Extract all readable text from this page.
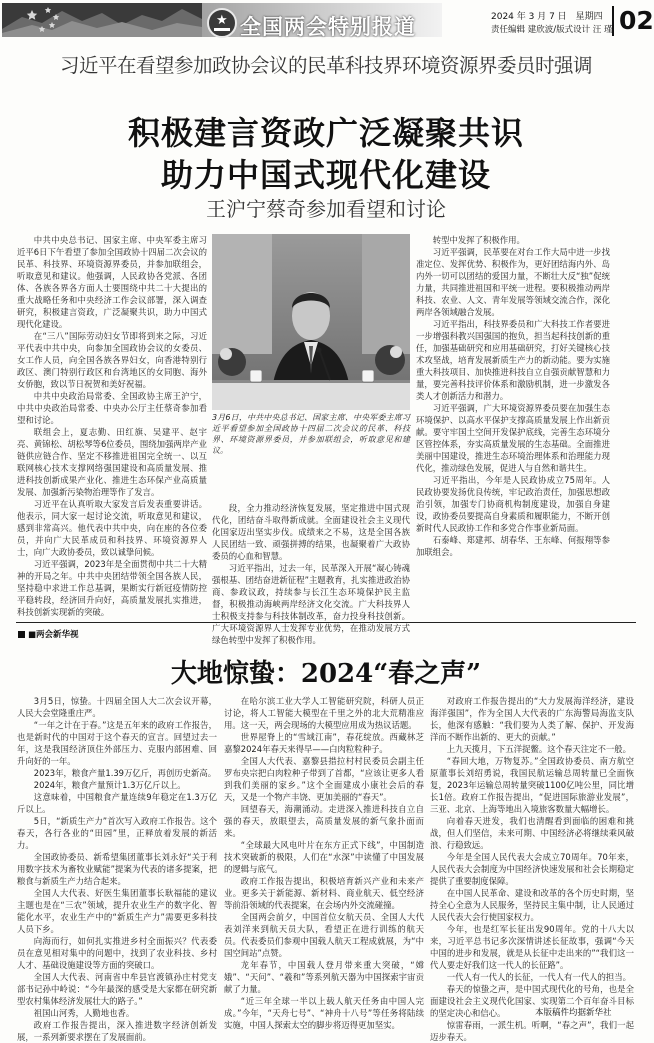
★ 全国两会特别报道	2024 年 3 月 7 日　星期四
责任编辑 建欣波/版式设计 汪 瑾 02
习近平在看望参加政协会议的民革科技界环境资源界委员时强调
积极建言资政广泛凝聚共识
助力中国式现代化建设
王沪宁蔡奇参加看望和讨论

中共中央总书记、国家主席、中央军委主席习近平6日下午看望了参加全国政协十四届二次会议的民革、科技界、环境资源界委员，并参加联组会，听取意见和建议。他强调，人民政协各党派、各团体、各族各界各方面人士要围绕中共二十大提出的重大战略任务和中央经济工作会议部署，深入调查研究，积极建言资政，广泛凝聚共识，助力中国式现代化建设。

在“三八”国际劳动妇女节即将到来之际，习近平代表中共中央，向参加全国政协会议的女委员、女工作人员，向全国各族各界妇女，向香港特别行政区、澳门特别行政区和台湾地区的女同胞、海外女侨胞，致以节日祝贺和美好祝福。

中共中央政治局常委、全国政协主席王沪宁，中共中央政治局常委、中央办公厅主任蔡奇参加看望和讨论。

联组会上，夏志勤、田红旗、吴建平、赵宇亮、黄锦松、胡松琴等6位委员，围绕加强两岸产业链供应链合作、坚定不移推进祖国完全统一、以互联网核心技术支撑网络强国建设和高质量发展、推进科技创新成果产业化、推进生态环保产业高质量发展、加强新污染物治理等作了发言。

习近平在认真听取大家发言后发表重要讲话。他表示，同大家一起讨论交流，听取意见和建议，感到非常高兴。他代表中共中央，向在座的各位委员，并向广大民革成员和科技界、环境资源界人士，向广大政协委员，致以诚挚问候。

习近平强调，2023年是全面贯彻中共二十大精神的开局之年。中共中央团结带领全国各族人民，坚持稳中求进工作总基调，果断实行新冠疫情防控平稳转段，经济回升向好，高质量发展扎实推进，科技创新实现新的突破。

3月6日，中共中央总书记、国家主席、中央军委主席习近平看望参加全国政协十四届二次会议的民革、科技界、环境资源界委员，并参加联组会，听取意见和建议。

段，全力推动经济恢复发展，坚定推进中国式现代化，团结奋斗取得新成就。全面建设社会主义现代化国家迈出坚实步伐。成绩来之不易，这是全国各族人民团结一致、顽强拼搏的结果，也凝聚着广大政协委员的心血和智慧。

习近平指出，过去一年，民革深入开展“凝心铸魂强根基、团结奋进新征程”主题教育，扎实推进政治协商、参政议政，持续参与长江生态环境保护民主监督，积极推动海峡两岸经济文化交流。广大科技界人士积极支持参与科技体制改革，奋力投身科技创新。广大环境资源界人士发挥专业优势，在推动发展方式绿色转型中发挥了积极作用。

转型中发挥了积极作用。

习近平强调，民革要在对台工作大局中进一步找准定位、发挥优势、积极作为，更好团结海内外、岛内外一切可以团结的爱国力量，不断壮大反“独”促统力量，共同推进祖国和平统一进程。要积极推动两岸科技、农业、人文、青年发展等领域交流合作，深化两岸各领域融合发展。

习近平指出，科技界委员和广大科技工作者要进一步增强科教兴国强国的抱负，担当起科技创新的重任，加强基础研究和应用基础研究，打好关键核心技术攻坚战，培育发展新质生产力的新动能。要为实施重大科技项目、加快推进科技自立自强贡献智慧和力量，要完善科技评价体系和激励机制，进一步激发各类人才创新活力和潜力。

习近平强调，广大环境资源界委员要在加强生态环境保护、以高水平保护支撑高质量发展上作出新贡献。要守牢国土空间开发保护底线，完善生态环境分区管控体系，夯实高质量发展的生态基础。全面推进美丽中国建设，推进生态环境治理体系和治理能力现代化，推动绿色发展，促进人与自然和谐共生。

习近平指出，今年是人民政协成立75周年。人民政协要发扬优良传统，牢记政治责任，加强思想政治引领，加强专门协商机构制度建设，加强自身建设，政协委员要提高自身素质和履职能力，不断开创新时代人民政协工作和多党合作事业新局面。

石泰峰、郑建邦、胡春华、王东峰、何报翔等参加联组会。

■两会新华视
大地惊蛰：2024“春之声”

3月5日，惊蛰。十四届全国人大二次会议开幕，人民大会堂隆重庄严。

“一年之计在于春。”这是五年来的政府工作报告，也是新时代的中国对于这个春天的宣言。回望过去一年，这是我国经济顶住外部压力、克服内部困难、回升向好的一年。

2023年，粮食产量1.39万亿斤，再创历史新高。

2024年，粮食产量预计1.3万亿斤以上。

这意味着，中国粮食产量连续9年稳定在1.3万亿斤以上。

5日，“新质生产力”首次写入政府工作报告。这个春天，各行各业的“田园”里，正释放着发展的新活力。

全国政协委员、新希望集团董事长刘永好“关于利用数字技术为畜牧业赋能”提案为代表的诸多提案，把粮食与新质生产力结合起来。

全国人大代表、好医生集团董事长耿福能的建议主题也是在“三农”领域，提升农业生产的数字化、智能化水平，农业生产中的“新质生产力”需要更多科技人员下乡。

向海而行，如何扎实推进乡村全面振兴？代表委员在意见相对集中的问题中，找到了农业科技、乡村人才、基础设施建设等方面的突破口。

全国人大代表、河南省中牟县官渡镇孙庄村党支部书记孙中岭说：“今年最深的感受是大家都在研究新型农村集体经济发展壮大的路子。”

祖国山河秀，人勤地也香。

政府工作报告提出，深入推进数字经济创新发展，一系列新要求摆在了发展面前。

在哈尔滨工业大学人工智能研究院，科研人员正讨论，将人工智能大模型在千里之外的北大荒精准应用。这一天，两会现场的大模型应用成为热议话题。

世界屋脊上的“雪域江南”，春花绽放。西藏林芝嘉黎2024年春天来得早——白肉粒粒种子。

全国人大代表、嘉黎县措拉村村民委员会副主任罗布央宗把白肉粒种子带到了首都，“应该让更多人看到我们美丽的家乡。”这个全面建成小康社会后的春天，又是一个物产丰饶、更加美丽的“春天”。

回望春天，海潮涌动。走进深入推进科技自立自强的春天，放眼望去，高质量发展的新气象扑面而来。

“全球最大风电叶片在东方正式下线”，中国制造技术突破新的极限，人们在“水深”中读懂了中国发展的逻辑与底气。

政府工作报告提出，积极培育新兴产业和未来产业。更多关于新能源、新材料、商业航天、低空经济等前沿领域的代表提案，在会场内外交流碰撞。

全国两会前夕，中国首位女航天员、全国人大代表刘洋来到航天员大队，看望正在进行训练的航天员。代表委员们参观中国载人航天工程成就展，为“中国空间站”点赞。

龙年春节，中国载人登月带来重大突破，“嫦娥”、“天问”、“羲和”等系列航天器为中国探索宇宙贡献了力量。

“近三年全球一半以上载人航天任务由中国人完成。”今年，“天舟七号”、“神舟十八号”等任务将陆续实施，中国人探索太空的脚步将迈得更加坚实。

对政府工作报告提出的“大力发展海洋经济，建设海洋强国”，作为全国人大代表的广东海警局海监支队长，他深有感触：“我们要为人类了解、保护、开发海洋而不断作出新的、更大的贡献。”

上九天揽月，下五洋捉鳖。这个春天注定不一般。

“春回大地，万物复苏。”全国政协委员、南方航空原董事长刘绍勇说，我国民航运输总周转量已全面恢复，2023年运输总周转量突破1100亿吨公里，同比增长1倍。政府工作报告提出，“促进国际旅游业发展”，三亚、北京、上海等地出入境旅客数量大幅增长。

向着春天进发，我们也清醒看到面临的困难和挑战，但人们坚信，未来可期、中国经济必将继续乘风破浪、行稳致远。

今年是全国人民代表大会成立70周年。70年来，人民代表大会制度为中国经济快速发展和社会长期稳定提供了重要制度保障。

在中国人民革命、建设和改革的各个历史时期，坚持全心全意为人民服务，坚持民主集中制，让人民通过人民代表大会行使国家权力。

今年，也是红军长征出发90周年。党的十八大以来，习近平总书记多次深情讲述长征故事，强调“今天中国的进步和发展，就是从长征中走出来的”“我们这一代人要走好我们这一代人的长征路”。

一代人有一代人的长征，一代人有一代人的担当。

春天的惊蛰之声，是中国式现代化的号角，也是全面建设社会主义现代化国家、实现第二个百年奋斗目标的坚定决心和信心。

惊雷春雨，一派生机。听啊，“春之声”，我们一起迈步春天。

本版稿件均据新华社
